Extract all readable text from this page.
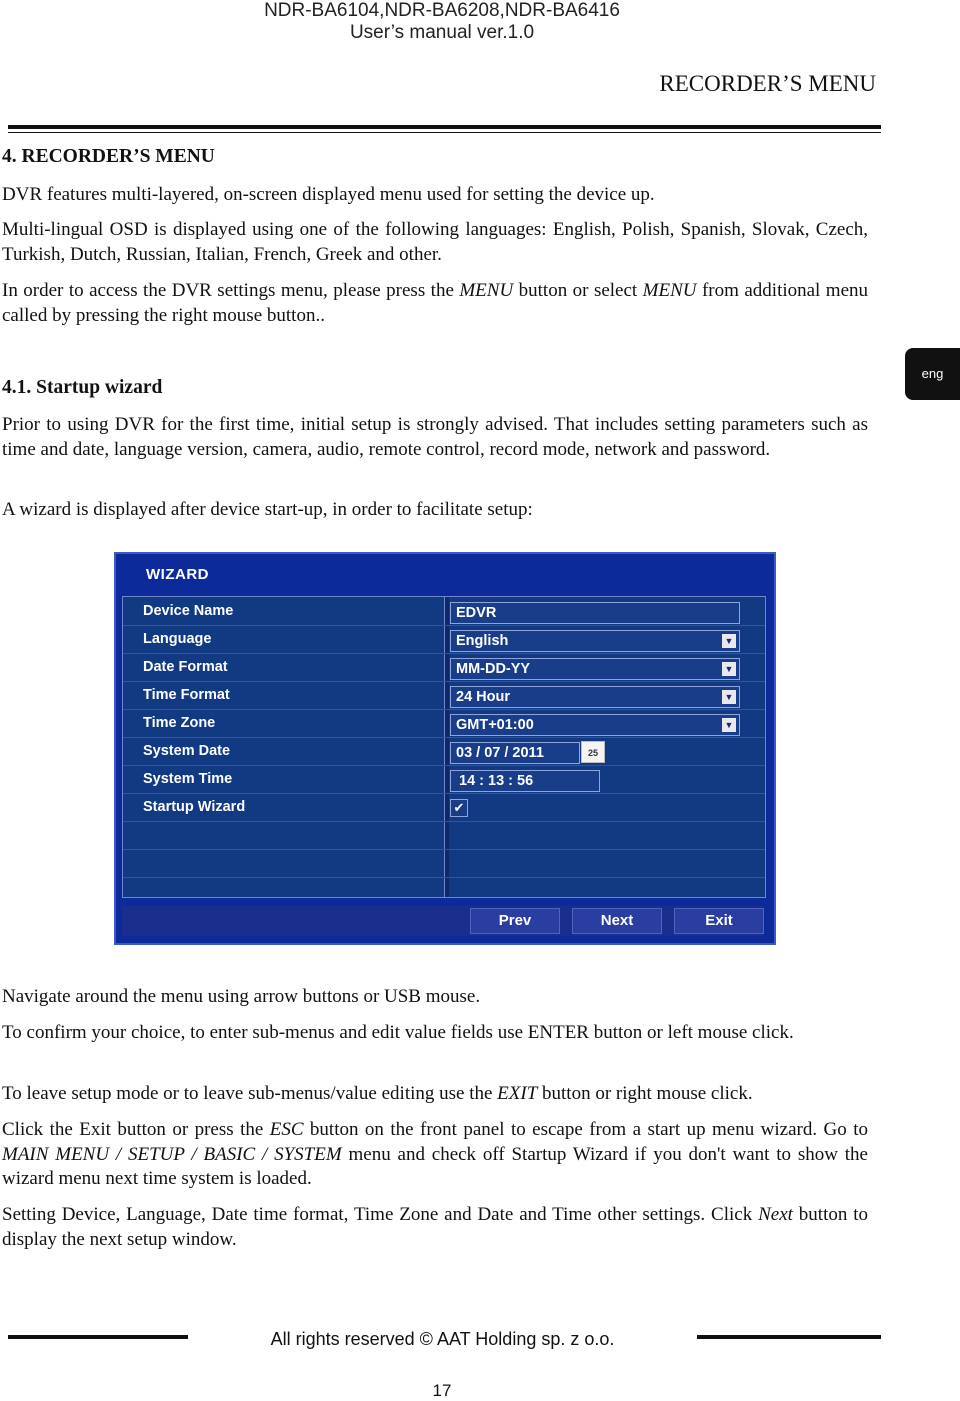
NDR-BA6104,NDR-BA6208,NDR-BA6416
User’s manual ver.1.0
RECORDER’S MENU
eng
4. RECORDER’S MENU

DVR features multi-layered, on-screen displayed menu used for setting the device up.

Multi-lingual OSD is displayed using one of the following languages: English, Polish, Spanish, Slovak, Czech, Turkish, Dutch, Russian, Italian, French, Greek and other.

In order to access the DVR settings menu, please press the MENU button or select MENU from additional menu called by pressing the right mouse button..

4.1. Startup wizard

Prior to using DVR for the first time, initial setup is strongly advised. That includes setting parameters such as time and date, language version, camera, audio, remote control, record mode, network and password.

A wizard is displayed after device start-up, in order to facilitate setup:

WIZARD
Device Name	EDVR
Language	English	▼
Date Format	MM-DD-YY	▼
Time Format	24 Hour	▼
Time Zone	GMT+01:00	▼
System Date	03 / 07 / 2011	25
System Time	14 : 13 : 56
Startup Wizard	✔
Prev	Next	Exit

Navigate around the menu using arrow buttons or USB mouse.

To confirm your choice, to enter sub-menus and edit value fields use ENTER button or left mouse click.

To leave setup mode or to leave sub-menus/value editing use the EXIT button or right mouse click.

Click the Exit button or press the ESC button on the front panel to escape from a start up menu wizard. Go to MAIN MENU / SETUP / BASIC / SYSTEM menu and check off Startup Wizard if you don't want to show the wizard menu next time system is loaded.

Setting Device, Language, Date time format, Time Zone and Date and Time other settings. Click Next button to display the next setup window.

All rights reserved © AAT Holding sp. z o.o.
17
